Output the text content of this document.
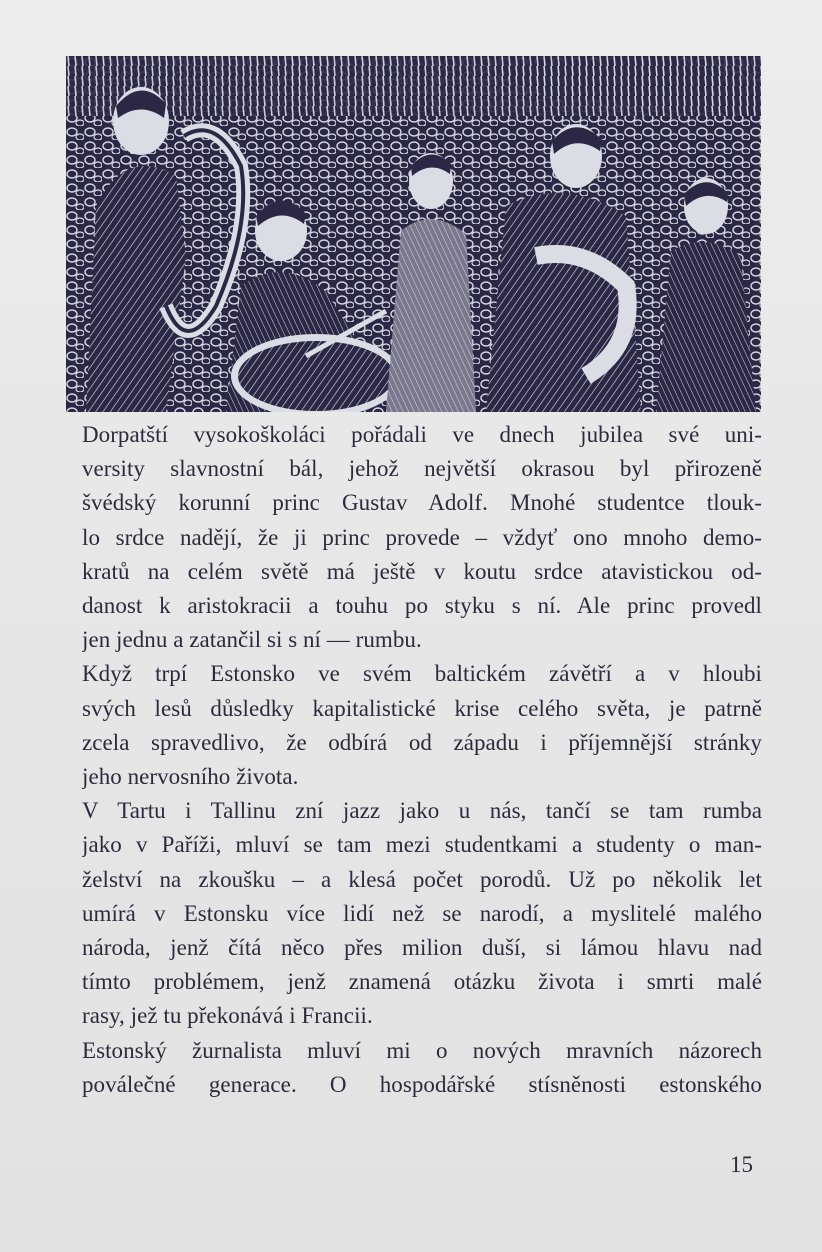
Dorpatští vysokoškoláci pořádali ve dnech jubilea své uni-
versity slavnostní bál, jehož největší okrasou byl přirozeně
švédský korunní princ Gustav Adolf. Mnohé studentce tlouk-
lo srdce nadějí, že ji princ provede – vždyť ono mnoho demo-
kratů na celém světě má ještě v koutu srdce atavistickou od-
danost k aristokracii a touhu po styku s ní. Ale princ provedl
jen jednu a zatančil si s ní — rumbu.

Když trpí Estonsko ve svém baltickém závětří a v hloubi
svých lesů důsledky kapitalistické krise celého světa, je patrně
zcela spravedlivo, že odbírá od západu i příjemnější stránky
jeho nervosního života.

V Tartu i Tallinu zní jazz jako u nás, tančí se tam rumba
jako v Paříži, mluví se tam mezi studentkami a studenty o man-
želství na zkoušku – a klesá počet porodů. Už po několik let
umírá v Estonsku více lidí než se narodí, a myslitelé malého
národa, jenž čítá něco přes milion duší, si lámou hlavu nad
tímto problémem, jenž znamená otázku života i smrti malé
rasy, jež tu překonává i Francii.

Estonský žurnalista mluví mi o nových mravních názorech
poválečné generace. O hospodářské stísněnosti estonského

15
